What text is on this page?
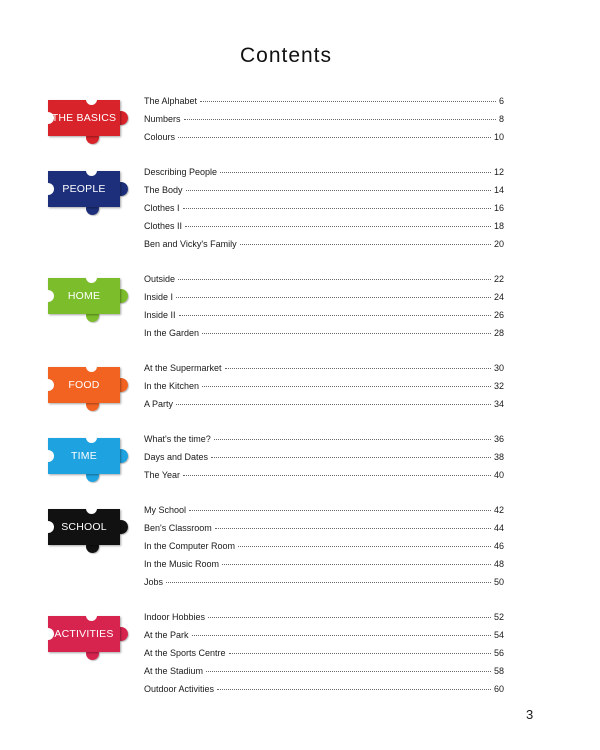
Contents
THE BASICS
The Alphabet	6
Numbers	8
Colours	10
PEOPLE
Describing People	12
The Body	14
Clothes I	16
Clothes II	18
Ben and Vicky's Family	20
HOME
Outside	22
Inside I	24
Inside II	26
In the Garden	28
FOOD
At the Supermarket	30
In the Kitchen	32
A Party	34
TIME
What's the time?	36
Days and Dates	38
The Year	40
SCHOOL
My School	42
Ben's Classroom	44
In the Computer Room	46
In the Music Room	48
Jobs	50
ACTIVITIES
Indoor Hobbies	52
At the Park	54
At the Sports Centre	56
At the Stadium	58
Outdoor Activities	60
3
